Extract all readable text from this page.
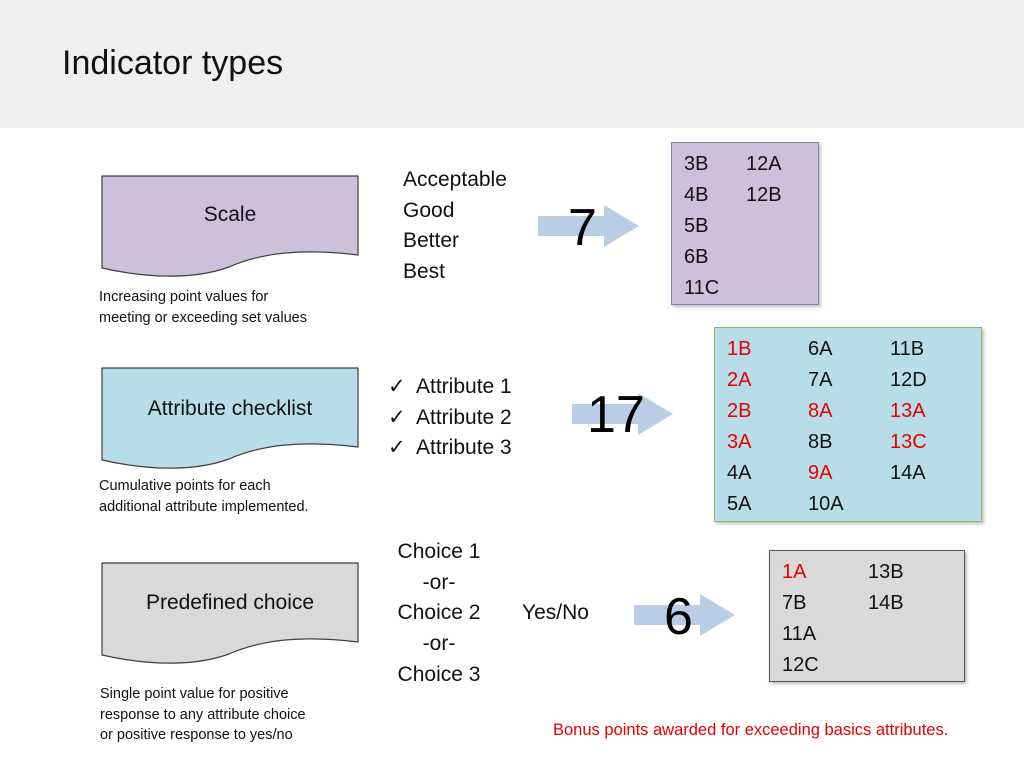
Indicator types
Scale
Increasing point values for
meeting or exceeding set values
Acceptable
Good
Better
Best
7
3B 12A
4B 12B
5B
6B
11C
Attribute checklist
Cumulative points for each
additional attribute implemented.
✓ Attribute 1
✓ Attribute 2
✓ Attribute 3
17
1B	6A	11B
2A	7A	12D
2B	8A	13A
3A	8B	13C
4A	9A	14A
5A	10A
Predefined choice
Single point value for positive
response to any attribute choice
or positive response to yes/no
Choice 1
-or-
Choice 2
-or-
Choice 3
Yes/No 6
1A	13B
7B	14B
11A
12C
Bonus points awarded for exceeding basics attributes.
